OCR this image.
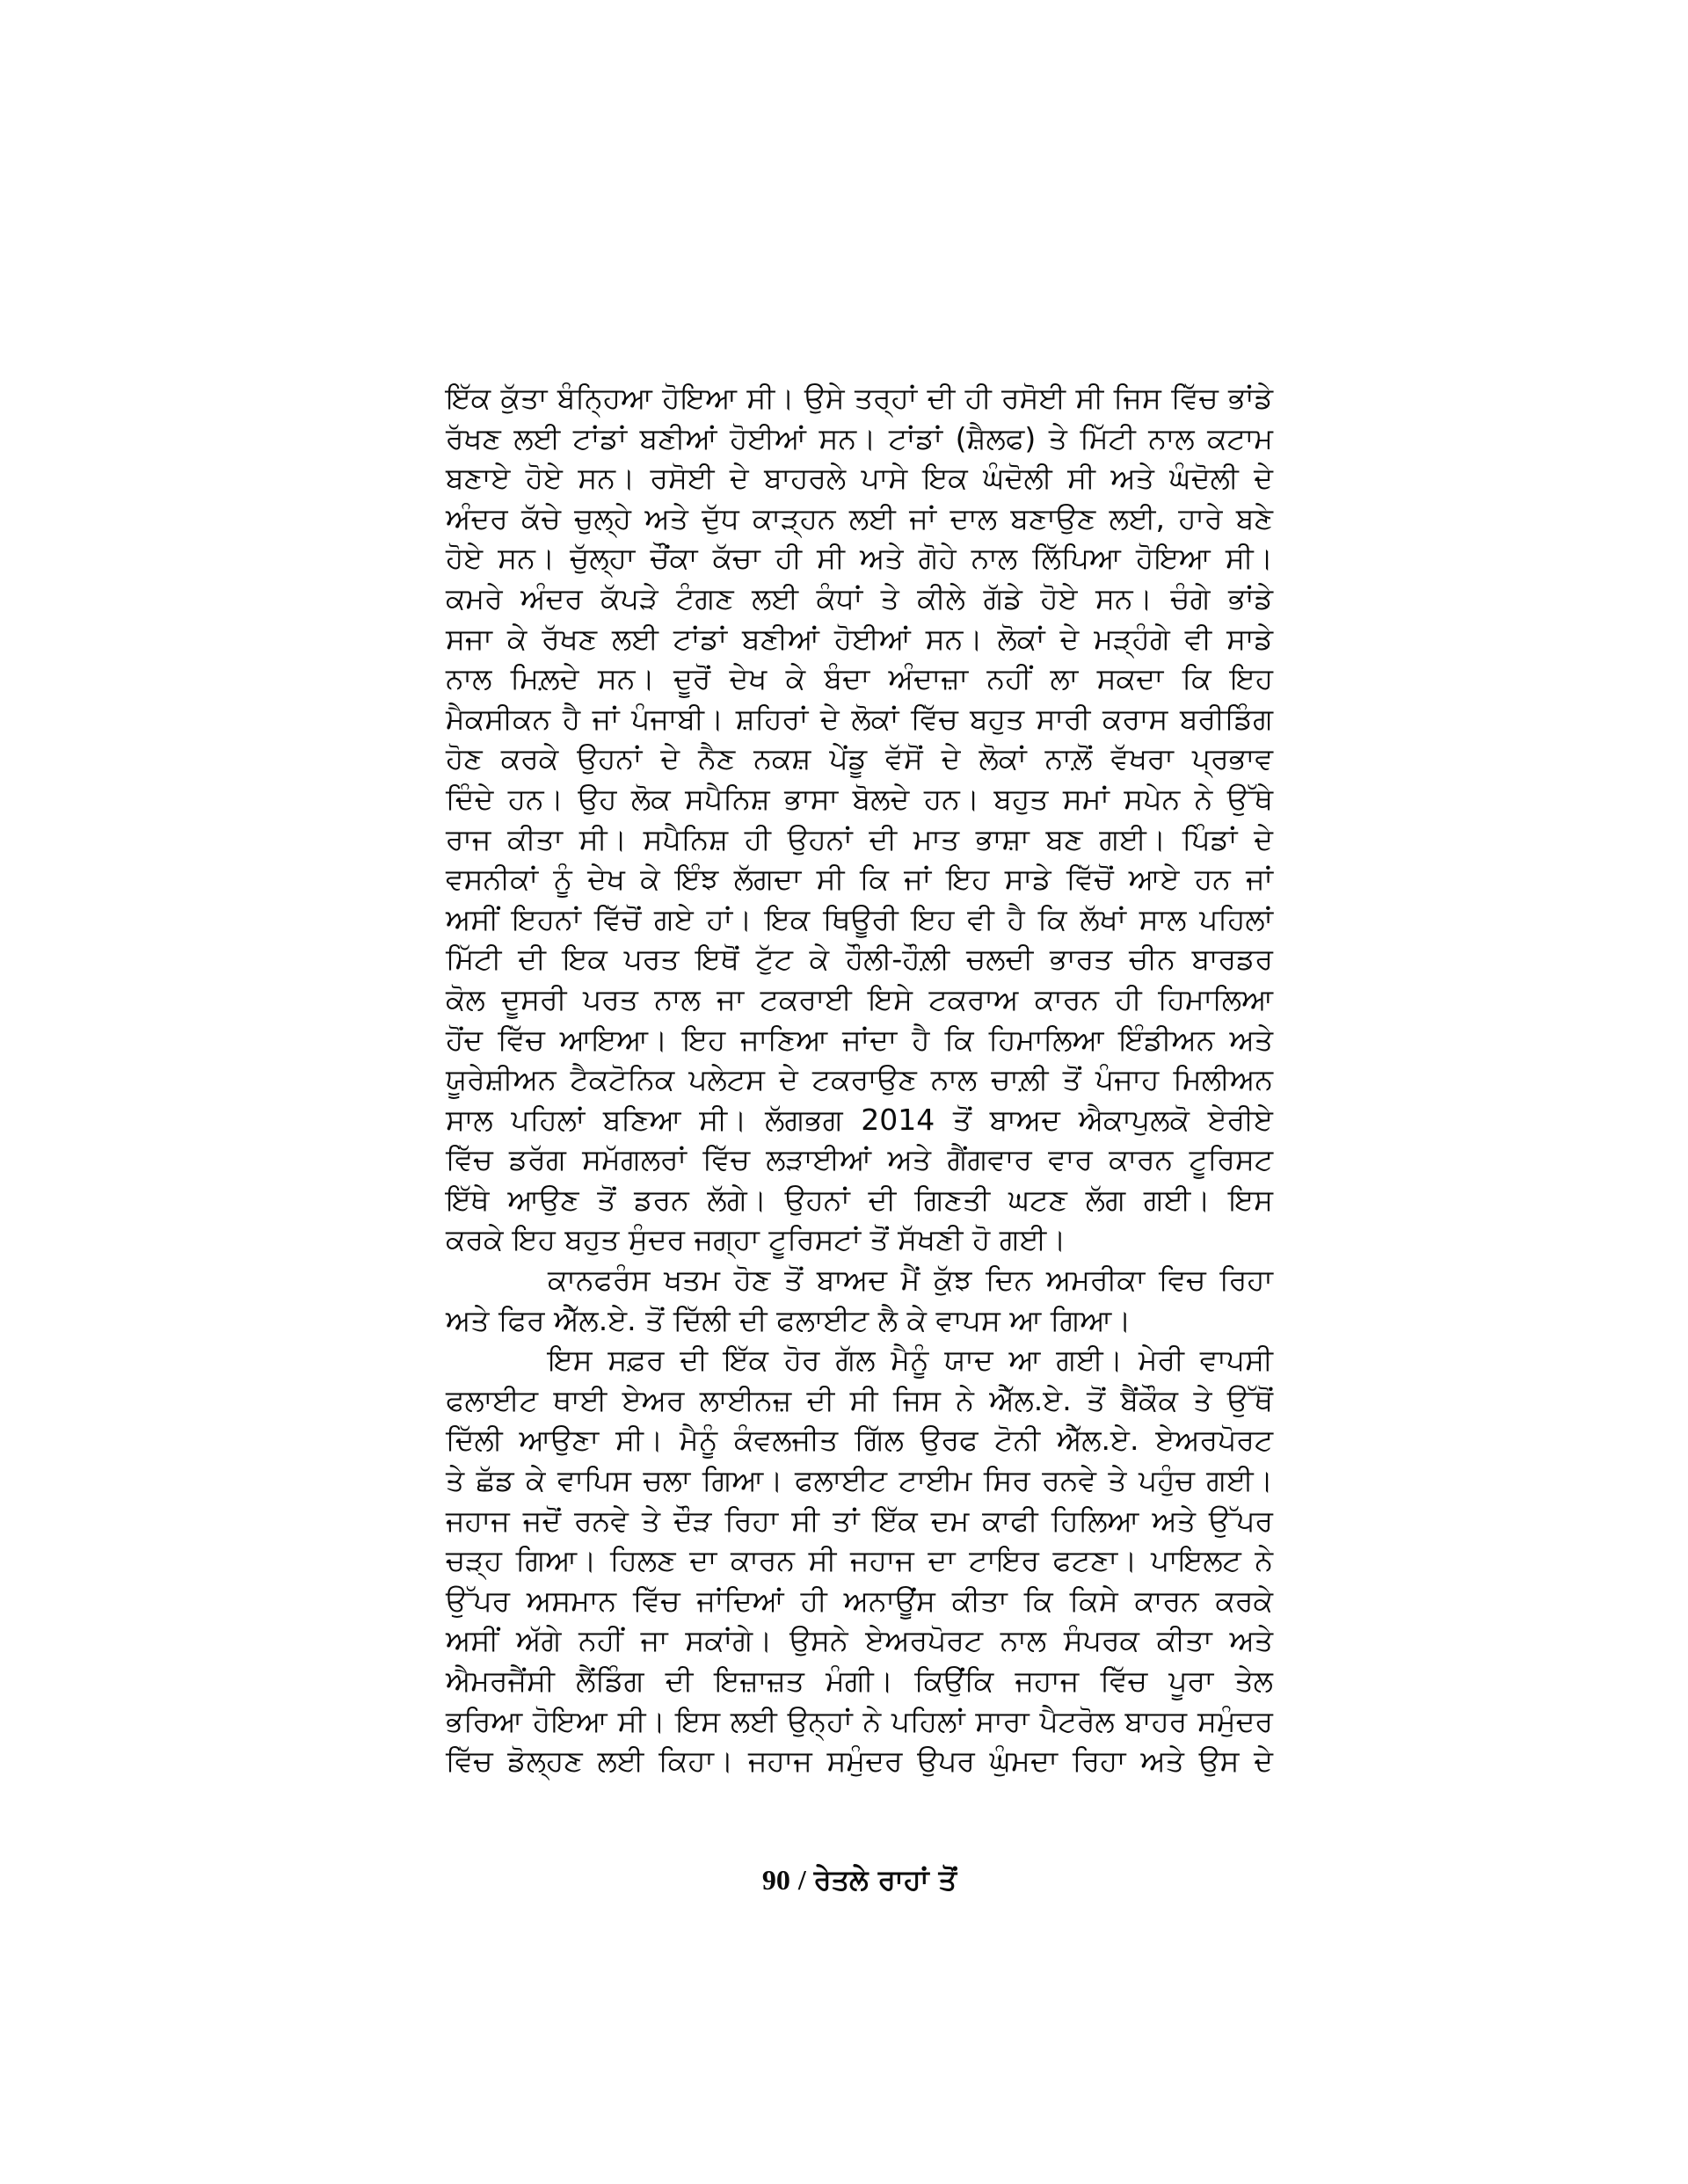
ਇੱਕ ਕੁੱਤਾ ਬੰਨ੍ਹਿਆ ਹੋਇਆ ਸੀ। ਉਸੇ ਤਰ੍ਹਾਂ ਦੀ ਹੀ ਰਸੋਈ ਸੀ ਜਿਸ ਵਿੱਚ ਭਾਂਡੇ
ਰੱਖਣ ਲਈ ਟਾਂਡਾਂ ਬਣੀਆਂ ਹੋਈਆਂ ਸਨ। ਟਾਂਡਾਂ (ਸ਼ੈਲਫ) ਤੇ ਮਿੱਟੀ ਨਾਲ ਕਟਾਮ
ਬਣਾਏ ਹੋਏ ਸਨ। ਰਸੋਈ ਦੇ ਬਾਹਰਲੇ ਪਾਸੇ ਇਕ ਘੰਦੋਲੀ ਸੀ ਅਤੇ ਘੰਦੋਲੀ ਦੇ
ਅੰਦਰ ਕੱਚੇ ਚੁਲ੍ਹੇ ਅਤੇ ਦੁੱਧ ਕਾੜ੍ਹਨ ਲਈ ਜਾਂ ਦਾਲ ਬਣਾਉਣ ਲਈ, ਹਾਰੇ ਬਣੇ
ਹੋਏ ਸਨ। ਚੁੱਲ੍ਹਾ ਚੌਂਕਾ ਕੱਚਾ ਹੀ ਸੀ ਅਤੇ ਗੋਹੇ ਨਾਲ ਲਿੱਪਿਆ ਹੋਇਆ ਸੀ।
ਕਮਰੇ ਅੰਦਰ ਕੱਪੜੇ ਟੰਗਣ ਲਈ ਕੰਧਾਂ ਤੇ ਕੀਲੇ ਗੱਡੇ ਹੋਏ ਸਨ। ਚੰਗੇ ਭਾਂਡੇ
ਸਜਾ ਕੇ ਰੱਖਣ ਲਈ ਟਾਂਡਾਂ ਬਣੀਆਂ ਹੋਈਆਂ ਸਨ। ਲੋਕਾਂ ਦੇ ਮੜ੍ਹੰਗੇ ਵੀ ਸਾਡੇ
ਨਾਲ ਮਿਲ਼ਦੇ ਸਨ। ਦੂਰੋਂ ਦੇਖ ਕੇ ਬੰਦਾ ਅੰਦਾਜ਼ਾ ਨਹੀਂ ਲਾ ਸਕਦਾ ਕਿ ਇਹ
ਮੈਕਸੀਕਨ ਹੈ ਜਾਂ ਪੰਜਾਬੀ। ਸ਼ਹਿਰਾਂ ਦੇ ਲੋਕਾਂ ਵਿੱਚ ਬਹੁਤ ਸਾਰੀ ਕਰਾਸ ਬਰੀਡਿੰਗ
ਹੋਣ ਕਰਕੇ ਉਹਨਾਂ ਦੇ ਨੈਣ ਨਕਸ਼ ਪੇਂਡੂ ਵੱਸੋਂ ਦੇ ਲੋਕਾਂ ਨਾਲ਼ੋਂ ਵੱਖਰਾ ਪ੍ਰਭਾਵ
ਦਿੰਦੇ ਹਨ। ਉਹ ਲੋਕ ਸਪੈਨਿਸ਼ ਭਾਸਾ ਬੋਲਦੇ ਹਨ। ਬਹੁਤ ਸਮਾਂ ਸਪੇਨ ਨੇ ਉੱਥੇ
ਰਾਜ ਕੀਤਾ ਸੀ। ਸਪੈਨਿਸ਼ ਹੀ ਉਹਨਾਂ ਦੀ ਮਾਤ ਭਾਸ਼ਾ ਬਣ ਗਈ। ਪਿੰਡਾਂ ਦੇ
ਵਸਨੀਕਾਂ ਨੂੰ ਦੇਖ ਕੇ ਇੰਝ ਲੱਗਦਾ ਸੀ ਕਿ ਜਾਂ ਇਹ ਸਾਡੇ ਵਿੱਚੋਂ ਆਏ ਹਨ ਜਾਂ
ਅਸੀਂ ਇਹਨਾਂ ਵਿੱਚੋਂ ਗਏ ਹਾਂ। ਇਕ ਥਿਊਰੀ ਇਹ ਵੀ ਹੈ ਕਿ ਲੱਖਾਂ ਸਾਲ ਪਹਿਲਾਂ
ਮਿੱਟੀ ਦੀ ਇਕ ਪਰਤ ਇਥੋਂ ਟੁੱਟ ਕੇ ਹੌਲੀ-ਹੌਲ਼ੀ ਚਲਦੀ ਭਾਰਤ ਚੀਨ ਬਾਰਡਰ
ਕੋਲ ਦੂਸਰੀ ਪਰਤ ਨਾਲ ਜਾ ਟਕਰਾਈ ਇਸੇ ਟਕਰਾਅ ਕਾਰਨ ਹੀ ਹਿਮਾਲਿਆ
ਹੋਂਦ ਵਿੱਚ ਆਇਆ। ਇਹ ਜਾਣਿਆ ਜਾਂਦਾ ਹੈ ਕਿ ਹਿਮਾਲਿਆ ਇੰਡੀਅਨ ਅਤੇ
ਯੂਰੇਸ਼ੀਅਨ ਟੈਕਟੋਨਿਕ ਪਲੇਟਸ ਦੇ ਟਕਰਾਉਣ ਨਾਲ ਚਾਲ਼ੀ ਤੋਂ ਪੰਜਾਹ ਮਿਲੀਅਨ
ਸਾਲ ਪਹਿਲਾਂ ਬਣਿਆ ਸੀ। ਲੱਗਭਗ 2014 ਤੋਂ ਬਾਅਦ ਐਕਾਪੁਲਕੋ ਏਰੀਏ
ਵਿੱਚ ਡਰੱਗ ਸਮੱਗਲਰਾਂ ਵਿੱਚ ਲੜਾਈਆਂ ਅਤੇ ਗੈਂਗਵਾਰ ਵਾਰ ਕਾਰਨ ਟੂਰਿਸਟ
ਇੱਥੇ ਆਉਣ ਤੋਂ ਡਰਨ ਲੱਗੇ। ਉਹਨਾਂ ਦੀ ਗਿਣਤੀ ਘਟਣ ਲੱਗ ਗਈ। ਇਸ
ਕਰਕੇ ਇਹ ਬਹੁਤ ਸੁੰਦਰ ਜਗ੍ਹਾ ਟੂਰਿਸਟਾਂ ਤੋਂ ਸੱਖਣੀ ਹੋ ਗਈ।
ਕਾਨਫਰੰਸ ਖਤਮ ਹੋਣ ਤੋਂ ਬਾਅਦ ਮੈਂ ਕੁੱਝ ਦਿਨ ਅਮਰੀਕਾ ਵਿਚ ਰਿਹਾ
ਅਤੇ ਫਿਰ ਐੱਲ.ਏ. ਤੋਂ ਦਿੱਲੀ ਦੀ ਫਲਾਈਟ ਲੈ ਕੇ ਵਾਪਸ ਆ ਗਿਆ।
ਇਸ ਸਫ਼ਰ ਦੀ ਇੱਕ ਹੋਰ ਗੱਲ ਮੈਨੂੰ ਯਾਦ ਆ ਗਈ। ਮੇਰੀ ਵਾਪਸੀ
ਫਲਾਈਟ ਥਾਈ ਏਅਰ ਲਾਈਨਜ਼ ਦੀ ਸੀ ਜਿਸ ਨੇ ਐੱਲ.ਏ. ਤੋਂ ਬੈਂਕੌਕ ਤੇ ਉੱਥੋਂ
ਦਿੱਲੀ ਆਉਣਾ ਸੀ। ਮੈਨੂੰ ਕੰਵਲਜੀਤ ਗਿੱਲ ਉਰਫ ਟੋਨੀ ਐੱਲ.ਏ. ਏਅਰਪੋਰਟ
ਤੇ ਛੱਡ ਕੇ ਵਾਪਿਸ ਚਲਾ ਗਿਆ। ਫਲਾਈਟ ਟਾਈਮ ਸਿਰ ਰਨਵੇ ਤੇ ਪਹੁੰਚ ਗਈ।
ਜਹਾਜ ਜਦੋਂ ਰਨਵੇ ਤੇ ਦੌੜ ਰਿਹਾ ਸੀ ਤਾਂ ਇੱਕ ਦਮ ਕਾਫੀ ਹਿਲਿਆ ਅਤੇ ਉੱਪਰ
ਚੜ੍ਹ ਗਿਆ। ਹਿਲਣ ਦਾ ਕਾਰਨ ਸੀ ਜਹਾਜ ਦਾ ਟਾਇਰ ਫਟਣਾ। ਪਾਇਲਟ ਨੇ
ਉੱਪਰ ਅਸਮਾਨ ਵਿੱਚ ਜਾਂਦਿਆਂ ਹੀ ਅਨਾਊਂਸ ਕੀਤਾ ਕਿ ਕਿਸੇ ਕਾਰਨ ਕਰਕੇ
ਅਸੀਂ ਅੱਗੇ ਨਹੀਂ ਜਾ ਸਕਾਂਗੇ। ਉਸਨੇ ਏਅਰਪੋਰਟ ਨਾਲ ਸੰਪਰਕ ਕੀਤਾ ਅਤੇ
ਐਮਰਜੈਂਸੀ ਲੈਂਡਿੰਗ ਦੀ ਇਜ਼ਾਜ਼ਤ ਮੰਗੀ। ਕਿਉਂਕਿ ਜਹਾਜ ਵਿੱਚ ਪੂਰਾ ਤੇਲ
ਭਰਿਆ ਹੋਇਆ ਸੀ। ਇਸ ਲਈ ਉਨ੍ਹਾਂ ਨੇ ਪਹਿਲਾਂ ਸਾਰਾ ਪੈਟਰੋਲ ਬਾਹਰ ਸਮੁੰਦਰ
ਵਿੱਚ ਡੋਲ੍ਹਣ ਲਈ ਕਿਹਾ। ਜਹਾਜ ਸਮੁੰਦਰ ਉਪਰ ਘੁੰਮਦਾ ਰਿਹਾ ਅਤੇ ਉਸ ਦੇ
90 / ਰੇਤਲੇ ਰਾਹਾਂ ਤੋਂ
